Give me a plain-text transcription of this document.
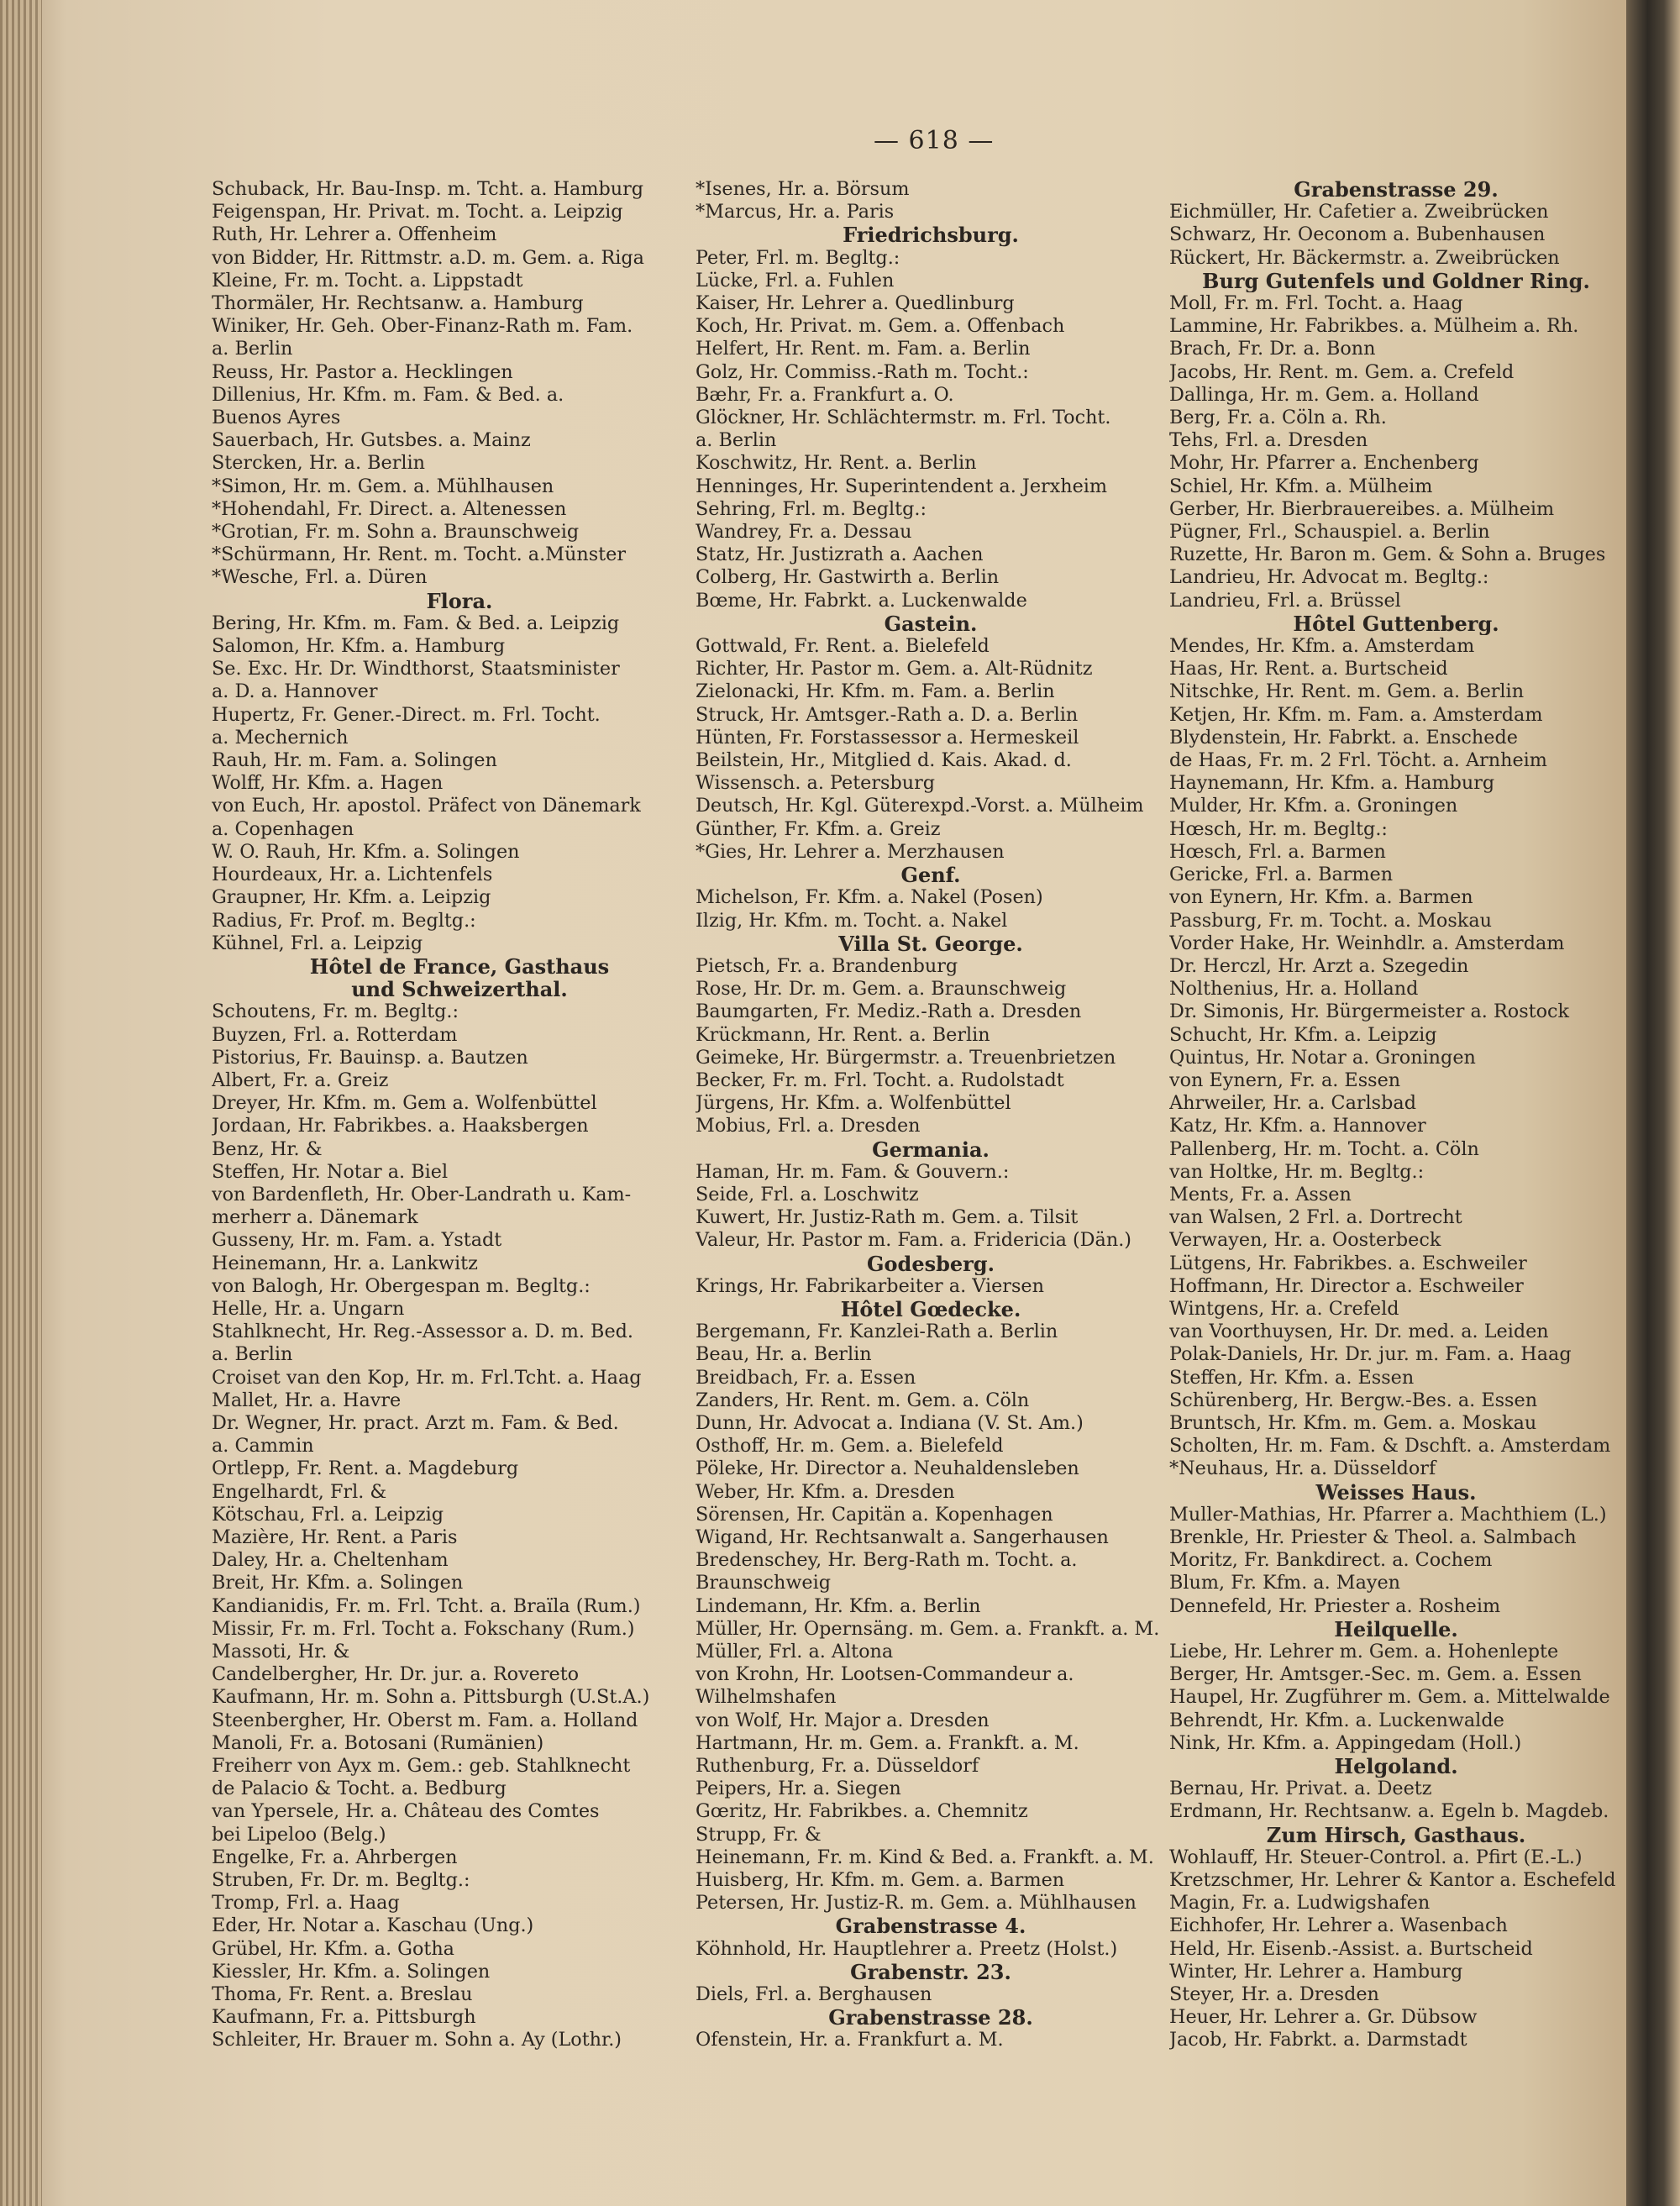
— 618 —
Schuback, Hr. Bau-Insp. m. Tcht. a. Hamburg
Feigenspan, Hr. Privat. m. Tocht. a. Leipzig
Ruth, Hr. Lehrer a. Offenheim
von Bidder, Hr. Rittmstr. a.D. m. Gem. a. Riga
Kleine, Fr. m. Tocht. a. Lippstadt
Thormäler, Hr. Rechtsanw. a. Hamburg
Winiker, Hr. Geh. Ober-Finanz-Rath m. Fam.
a. Berlin
Reuss, Hr. Pastor a. Hecklingen
Dillenius, Hr. Kfm. m. Fam. & Bed. a.
Buenos Ayres
Sauerbach, Hr. Gutsbes. a. Mainz
Stercken, Hr. a. Berlin
*Simon, Hr. m. Gem. a. Mühlhausen
*Hohendahl, Fr. Direct. a. Altenessen
*Grotian, Fr. m. Sohn a. Braunschweig
*Schürmann, Hr. Rent. m. Tocht. a.Münster
*Wesche, Frl. a. Düren
Flora.
Bering, Hr. Kfm. m. Fam. & Bed. a. Leipzig
Salomon, Hr. Kfm. a. Hamburg
Se. Exc. Hr. Dr. Windthorst, Staatsminister
a. D. a. Hannover
Hupertz, Fr. Gener.-Direct. m. Frl. Tocht.
a. Mechernich
Rauh, Hr. m. Fam. a. Solingen
Wolff, Hr. Kfm. a. Hagen
von Euch, Hr. apostol. Präfect von Dänemark
a. Copenhagen
W. O. Rauh, Hr. Kfm. a. Solingen
Hourdeaux, Hr. a. Lichtenfels
Graupner, Hr. Kfm. a. Leipzig
Radius, Fr. Prof. m. Begltg.:
Kühnel, Frl. a. Leipzig
Hôtel de France, Gasthaus
und Schweizerthal.
Schoutens, Fr. m. Begltg.:
Buyzen, Frl. a. Rotterdam
Pistorius, Fr. Bauinsp. a. Bautzen
Albert, Fr. a. Greiz
Dreyer, Hr. Kfm. m. Gem a. Wolfenbüttel
Jordaan, Hr. Fabrikbes. a. Haaksbergen
Benz, Hr. &
Steffen, Hr. Notar a. Biel
von Bardenfleth, Hr. Ober-Landrath u. Kam-
merherr a. Dänemark
Gusseny, Hr. m. Fam. a. Ystadt
Heinemann, Hr. a. Lankwitz
von Balogh, Hr. Obergespan m. Begltg.:
Helle, Hr. a. Ungarn
Stahlknecht, Hr. Reg.-Assessor a. D. m. Bed.
a. Berlin
Croiset van den Kop, Hr. m. Frl.Tcht. a. Haag
Mallet, Hr. a. Havre
Dr. Wegner, Hr. pract. Arzt m. Fam. & Bed.
a. Cammin
Ortlepp, Fr. Rent. a. Magdeburg
Engelhardt, Frl. &
Kötschau, Frl. a. Leipzig
Mazière, Hr. Rent. a Paris
Daley, Hr. a. Cheltenham
Breit, Hr. Kfm. a. Solingen
Kandianidis, Fr. m. Frl. Tcht. a. Braïla (Rum.)
Missir, Fr. m. Frl. Tocht a. Fokschany (Rum.)
Massoti, Hr. &
Candelbergher, Hr. Dr. jur. a. Rovereto
Kaufmann, Hr. m. Sohn a. Pittsburgh (U.St.A.)
Steenbergher, Hr. Oberst m. Fam. a. Holland
Manoli, Fr. a. Botosani (Rumänien)
Freiherr von Ayx m. Gem.: geb. Stahlknecht
de Palacio & Tocht. a. Bedburg
van Ypersele, Hr. a. Château des Comtes
bei Lipeloo (Belg.)
Engelke, Fr. a. Ahrbergen
Struben, Fr. Dr. m. Begltg.:
Tromp, Frl. a. Haag
Eder, Hr. Notar a. Kaschau (Ung.)
Grübel, Hr. Kfm. a. Gotha
Kiessler, Hr. Kfm. a. Solingen
Thoma, Fr. Rent. a. Breslau
Kaufmann, Fr. a. Pittsburgh
Schleiter, Hr. Brauer m. Sohn a. Ay (Lothr.)
*Isenes, Hr. a. Börsum
*Marcus, Hr. a. Paris
Friedrichsburg.
Peter, Frl. m. Begltg.:
Lücke, Frl. a. Fuhlen
Kaiser, Hr. Lehrer a. Quedlinburg
Koch, Hr. Privat. m. Gem. a. Offenbach
Helfert, Hr. Rent. m. Fam. a. Berlin
Golz, Hr. Commiss.-Rath m. Tocht.:
Bæhr, Fr. a. Frankfurt a. O.
Glöckner, Hr. Schlächtermstr. m. Frl. Tocht.
a. Berlin
Koschwitz, Hr. Rent. a. Berlin
Henninges, Hr. Superintendent a. Jerxheim
Sehring, Frl. m. Begltg.:
Wandrey, Fr. a. Dessau
Statz, Hr. Justizrath a. Aachen
Colberg, Hr. Gastwirth a. Berlin
Bœme, Hr. Fabrkt. a. Luckenwalde
Gastein.
Gottwald, Fr. Rent. a. Bielefeld
Richter, Hr. Pastor m. Gem. a. Alt-Rüdnitz
Zielonacki, Hr. Kfm. m. Fam. a. Berlin
Struck, Hr. Amtsger.-Rath a. D. a. Berlin
Hünten, Fr. Forstassessor a. Hermeskeil
Beilstein, Hr., Mitglied d. Kais. Akad. d.
Wissensch. a. Petersburg
Deutsch, Hr. Kgl. Güterexpd.-Vorst. a. Mülheim
Günther, Fr. Kfm. a. Greiz
*Gies, Hr. Lehrer a. Merzhausen
Genf.
Michelson, Fr. Kfm. a. Nakel (Posen)
Ilzig, Hr. Kfm. m. Tocht. a. Nakel
Villa St. George.
Pietsch, Fr. a. Brandenburg
Rose, Hr. Dr. m. Gem. a. Braunschweig
Baumgarten, Fr. Mediz.-Rath a. Dresden
Krückmann, Hr. Rent. a. Berlin
Geimeke, Hr. Bürgermstr. a. Treuenbrietzen
Becker, Fr. m. Frl. Tocht. a. Rudolstadt
Jürgens, Hr. Kfm. a. Wolfenbüttel
Mobius, Frl. a. Dresden
Germania.
Haman, Hr. m. Fam. & Gouvern.:
Seide, Frl. a. Loschwitz
Kuwert, Hr. Justiz-Rath m. Gem. a. Tilsit
Valeur, Hr. Pastor m. Fam. a. Fridericia (Dän.)
Godesberg.
Krings, Hr. Fabrikarbeiter a. Viersen
Hôtel Gœdecke.
Bergemann, Fr. Kanzlei-Rath a. Berlin
Beau, Hr. a. Berlin
Breidbach, Fr. a. Essen
Zanders, Hr. Rent. m. Gem. a. Cöln
Dunn, Hr. Advocat a. Indiana (V. St. Am.)
Osthoff, Hr. m. Gem. a. Bielefeld
Pöleke, Hr. Director a. Neuhaldensleben
Weber, Hr. Kfm. a. Dresden
Sörensen, Hr. Capitän a. Kopenhagen
Wigand, Hr. Rechtsanwalt a. Sangerhausen
Bredenschey, Hr. Berg-Rath m. Tocht. a.
Braunschweig
Lindemann, Hr. Kfm. a. Berlin
Müller, Hr. Opernsäng. m. Gem. a. Frankft. a. M.
Müller, Frl. a. Altona
von Krohn, Hr. Lootsen-Commandeur a.
Wilhelmshafen
von Wolf, Hr. Major a. Dresden
Hartmann, Hr. m. Gem. a. Frankft. a. M.
Ruthenburg, Fr. a. Düsseldorf
Peipers, Hr. a. Siegen
Gœritz, Hr. Fabrikbes. a. Chemnitz
Strupp, Fr. &
Heinemann, Fr. m. Kind & Bed. a. Frankft. a. M.
Huisberg, Hr. Kfm. m. Gem. a. Barmen
Petersen, Hr. Justiz-R. m. Gem. a. Mühlhausen
Grabenstrasse 4.
Köhnhold, Hr. Hauptlehrer a. Preetz (Holst.)
Grabenstr. 23.
Diels, Frl. a. Berghausen
Grabenstrasse 28.
Ofenstein, Hr. a. Frankfurt a. M.
Grabenstrasse 29.
Eichmüller, Hr. Cafetier a. Zweibrücken
Schwarz, Hr. Oeconom a. Bubenhausen
Rückert, Hr. Bäckermstr. a. Zweibrücken
Burg Gutenfels und Goldner Ring.
Moll, Fr. m. Frl. Tocht. a. Haag
Lammine, Hr. Fabrikbes. a. Mülheim a. Rh.
Brach, Fr. Dr. a. Bonn
Jacobs, Hr. Rent. m. Gem. a. Crefeld
Dallinga, Hr. m. Gem. a. Holland
Berg, Fr. a. Cöln a. Rh.
Tehs, Frl. a. Dresden
Mohr, Hr. Pfarrer a. Enchenberg
Schiel, Hr. Kfm. a. Mülheim
Gerber, Hr. Bierbrauereibes. a. Mülheim
Pügner, Frl., Schauspiel. a. Berlin
Ruzette, Hr. Baron m. Gem. & Sohn a. Bruges
Landrieu, Hr. Advocat m. Begltg.:
Landrieu, Frl. a. Brüssel
Hôtel Guttenberg.
Mendes, Hr. Kfm. a. Amsterdam
Haas, Hr. Rent. a. Burtscheid
Nitschke, Hr. Rent. m. Gem. a. Berlin
Ketjen, Hr. Kfm. m. Fam. a. Amsterdam
Blydenstein, Hr. Fabrkt. a. Enschede
de Haas, Fr. m. 2 Frl. Töcht. a. Arnheim
Haynemann, Hr. Kfm. a. Hamburg
Mulder, Hr. Kfm. a. Groningen
Hœsch, Hr. m. Begltg.:
Hœsch, Frl. a. Barmen
Gericke, Frl. a. Barmen
von Eynern, Hr. Kfm. a. Barmen
Passburg, Fr. m. Tocht. a. Moskau
Vorder Hake, Hr. Weinhdlr. a. Amsterdam
Dr. Herczl, Hr. Arzt a. Szegedin
Nolthenius, Hr. a. Holland
Dr. Simonis, Hr. Bürgermeister a. Rostock
Schucht, Hr. Kfm. a. Leipzig
Quintus, Hr. Notar a. Groningen
von Eynern, Fr. a. Essen
Ahrweiler, Hr. a. Carlsbad
Katz, Hr. Kfm. a. Hannover
Pallenberg, Hr. m. Tocht. a. Cöln
van Holtke, Hr. m. Begltg.:
Ments, Fr. a. Assen
van Walsen, 2 Frl. a. Dortrecht
Verwayen, Hr. a. Oosterbeck
Lütgens, Hr. Fabrikbes. a. Eschweiler
Hoffmann, Hr. Director a. Eschweiler
Wintgens, Hr. a. Crefeld
van Voorthuysen, Hr. Dr. med. a. Leiden
Polak-Daniels, Hr. Dr. jur. m. Fam. a. Haag
Steffen, Hr. Kfm. a. Essen
Schürenberg, Hr. Bergw.-Bes. a. Essen
Bruntsch, Hr. Kfm. m. Gem. a. Moskau
Scholten, Hr. m. Fam. & Dschft. a. Amsterdam
*Neuhaus, Hr. a. Düsseldorf
Weisses Haus.
Muller-Mathias, Hr. Pfarrer a. Machthiem (L.)
Brenkle, Hr. Priester & Theol. a. Salmbach
Moritz, Fr. Bankdirect. a. Cochem
Blum, Fr. Kfm. a. Mayen
Dennefeld, Hr. Priester a. Rosheim
Heilquelle.
Liebe, Hr. Lehrer m. Gem. a. Hohenlepte
Berger, Hr. Amtsger.-Sec. m. Gem. a. Essen
Haupel, Hr. Zugführer m. Gem. a. Mittelwalde
Behrendt, Hr. Kfm. a. Luckenwalde
Nink, Hr. Kfm. a. Appingedam (Holl.)
Helgoland.
Bernau, Hr. Privat. a. Deetz
Erdmann, Hr. Rechtsanw. a. Egeln b. Magdeb.
Zum Hirsch, Gasthaus.
Wohlauff, Hr. Steuer-Control. a. Pfirt (E.-L.)
Kretzschmer, Hr. Lehrer & Kantor a. Eschefeld
Magin, Fr. a. Ludwigshafen
Eichhofer, Hr. Lehrer a. Wasenbach
Held, Hr. Eisenb.-Assist. a. Burtscheid
Winter, Hr. Lehrer a. Hamburg
Steyer, Hr. a. Dresden
Heuer, Hr. Lehrer a. Gr. Dübsow
Jacob, Hr. Fabrkt. a. Darmstadt
